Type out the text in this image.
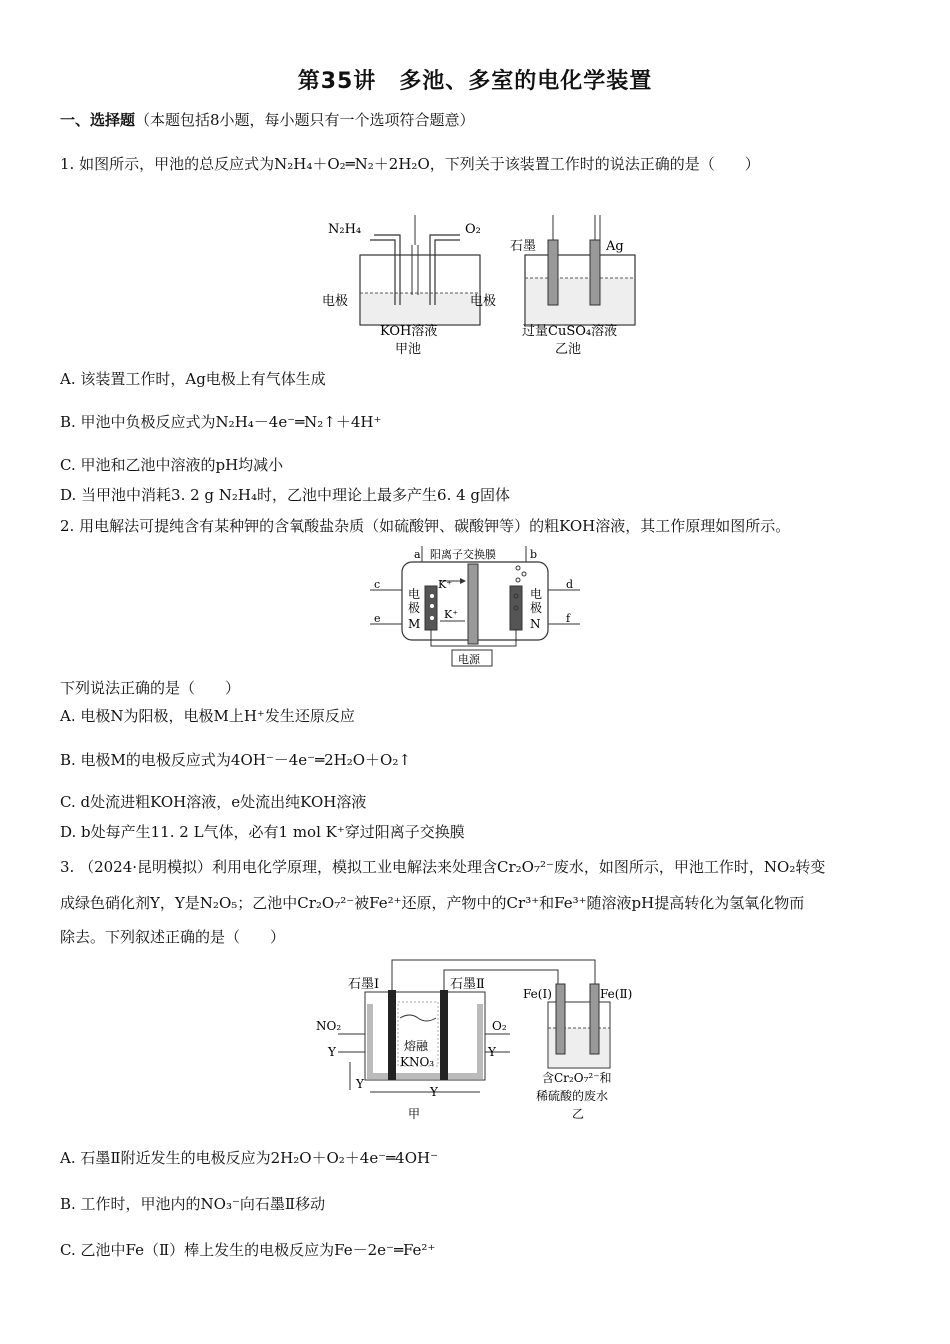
第35讲　多池、多室的电化学装置
一、选择题（本题包括8小题，每小题只有一个选项符合题意）
1. 如图所示，甲池的总反应式为N₂H₄＋O₂═N₂＋2H₂O，下列关于该装置工作时的说法正确的是（　　）
N₂H₄	O₂
石墨	Ag
电极	电极
KOH溶液
甲池
过量CuSO₄溶液
乙池
A. 该装置工作时，Ag电极上有气体生成
B. 甲池中负极反应式为N₂H₄－4e⁻═N₂↑＋4H⁺
C. 甲池和乙池中溶液的pH均减小
D. 当甲池中消耗3. 2 g N₂H₄时，乙池中理论上最多产生6. 4 g固体
2. 用电解法可提纯含有某种钾的含氧酸盐杂质（如硫酸钾、碳酸钾等）的粗KOH溶液，其工作原理如图所示。
a	b
阳离子交换膜
c	d
e	f
K⁺
K⁺
电
极
M
电
极
N
电源
下列说法正确的是（　　）
A. 电极N为阳极，电极M上H⁺发生还原反应
B. 电极M的电极反应式为4OH⁻－4e⁻═2H₂O＋O₂↑
C. d处流进粗KOH溶液，e处流出纯KOH溶液
D. b处每产生11. 2 L气体，必有1 mol K⁺穿过阳离子交换膜
3. （2024·昆明模拟）利用电化学原理，模拟工业电解法来处理含Cr₂O₇²⁻废水，如图所示，甲池工作时，NO₂转变
成绿色硝化剂Y，Y是N₂O₅；乙池中Cr₂O₇²⁻被Fe²⁺还原，产物中的Cr³⁺和Fe³⁺随溶液pH提高转化为氢氧化物而
除去。下列叙述正确的是（　　）
石墨Ⅰ	石墨Ⅱ
Fe(Ⅰ)	Fe(Ⅱ)
NO₂	O₂
Y	Y
Y
Y
熔融
KNO₃
甲
含Cr₂O₇²⁻和
稀硫酸的废水
乙
A. 石墨Ⅱ附近发生的电极反应为2H₂O＋O₂＋4e⁻═4OH⁻
B. 工作时，甲池内的NO₃⁻向石墨Ⅱ移动
C. 乙池中Fe（Ⅱ）棒上发生的电极反应为Fe－2e⁻═Fe²⁺
